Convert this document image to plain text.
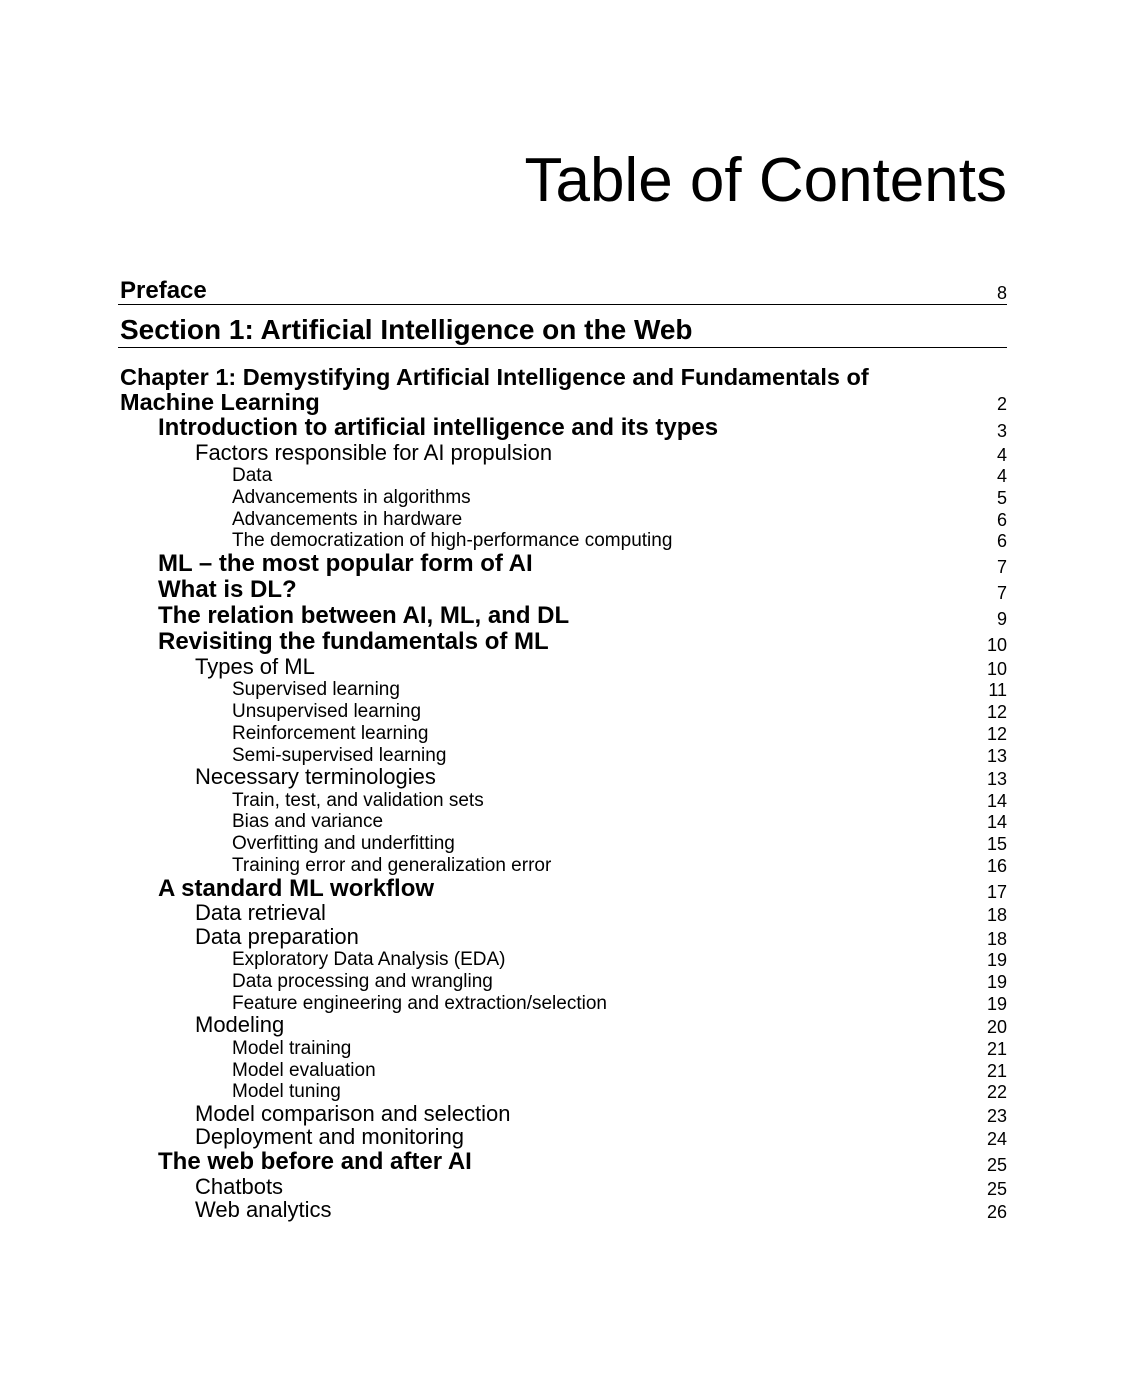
Table of Contents
Preface	8
Section 1: Artificial Intelligence on the Web
Chapter 1: Demystifying Artificial Intelligence and Fundamentals of Machine Learning	2
Introduction to artificial intelligence and its types	3
Factors responsible for AI propulsion	4
Data	4
Advancements in algorithms	5
Advancements in hardware	6
The democratization of high-performance computing	6
ML – the most popular form of AI	7
What is DL?	7
The relation between AI, ML, and DL	9
Revisiting the fundamentals of ML	10
Types of ML	10
Supervised learning	11
Unsupervised learning	12
Reinforcement learning	12
Semi-supervised learning	13
Necessary terminologies	13
Train, test, and validation sets	14
Bias and variance	14
Overfitting and underfitting	15
Training error and generalization error	16
A standard ML workflow	17
Data retrieval	18
Data preparation	18
Exploratory Data Analysis (EDA)	19
Data processing and wrangling	19
Feature engineering and extraction/selection	19
Modeling	20
Model training	21
Model evaluation	21
Model tuning	22
Model comparison and selection	23
Deployment and monitoring	24
The web before and after AI	25
Chatbots	25
Web analytics	26
